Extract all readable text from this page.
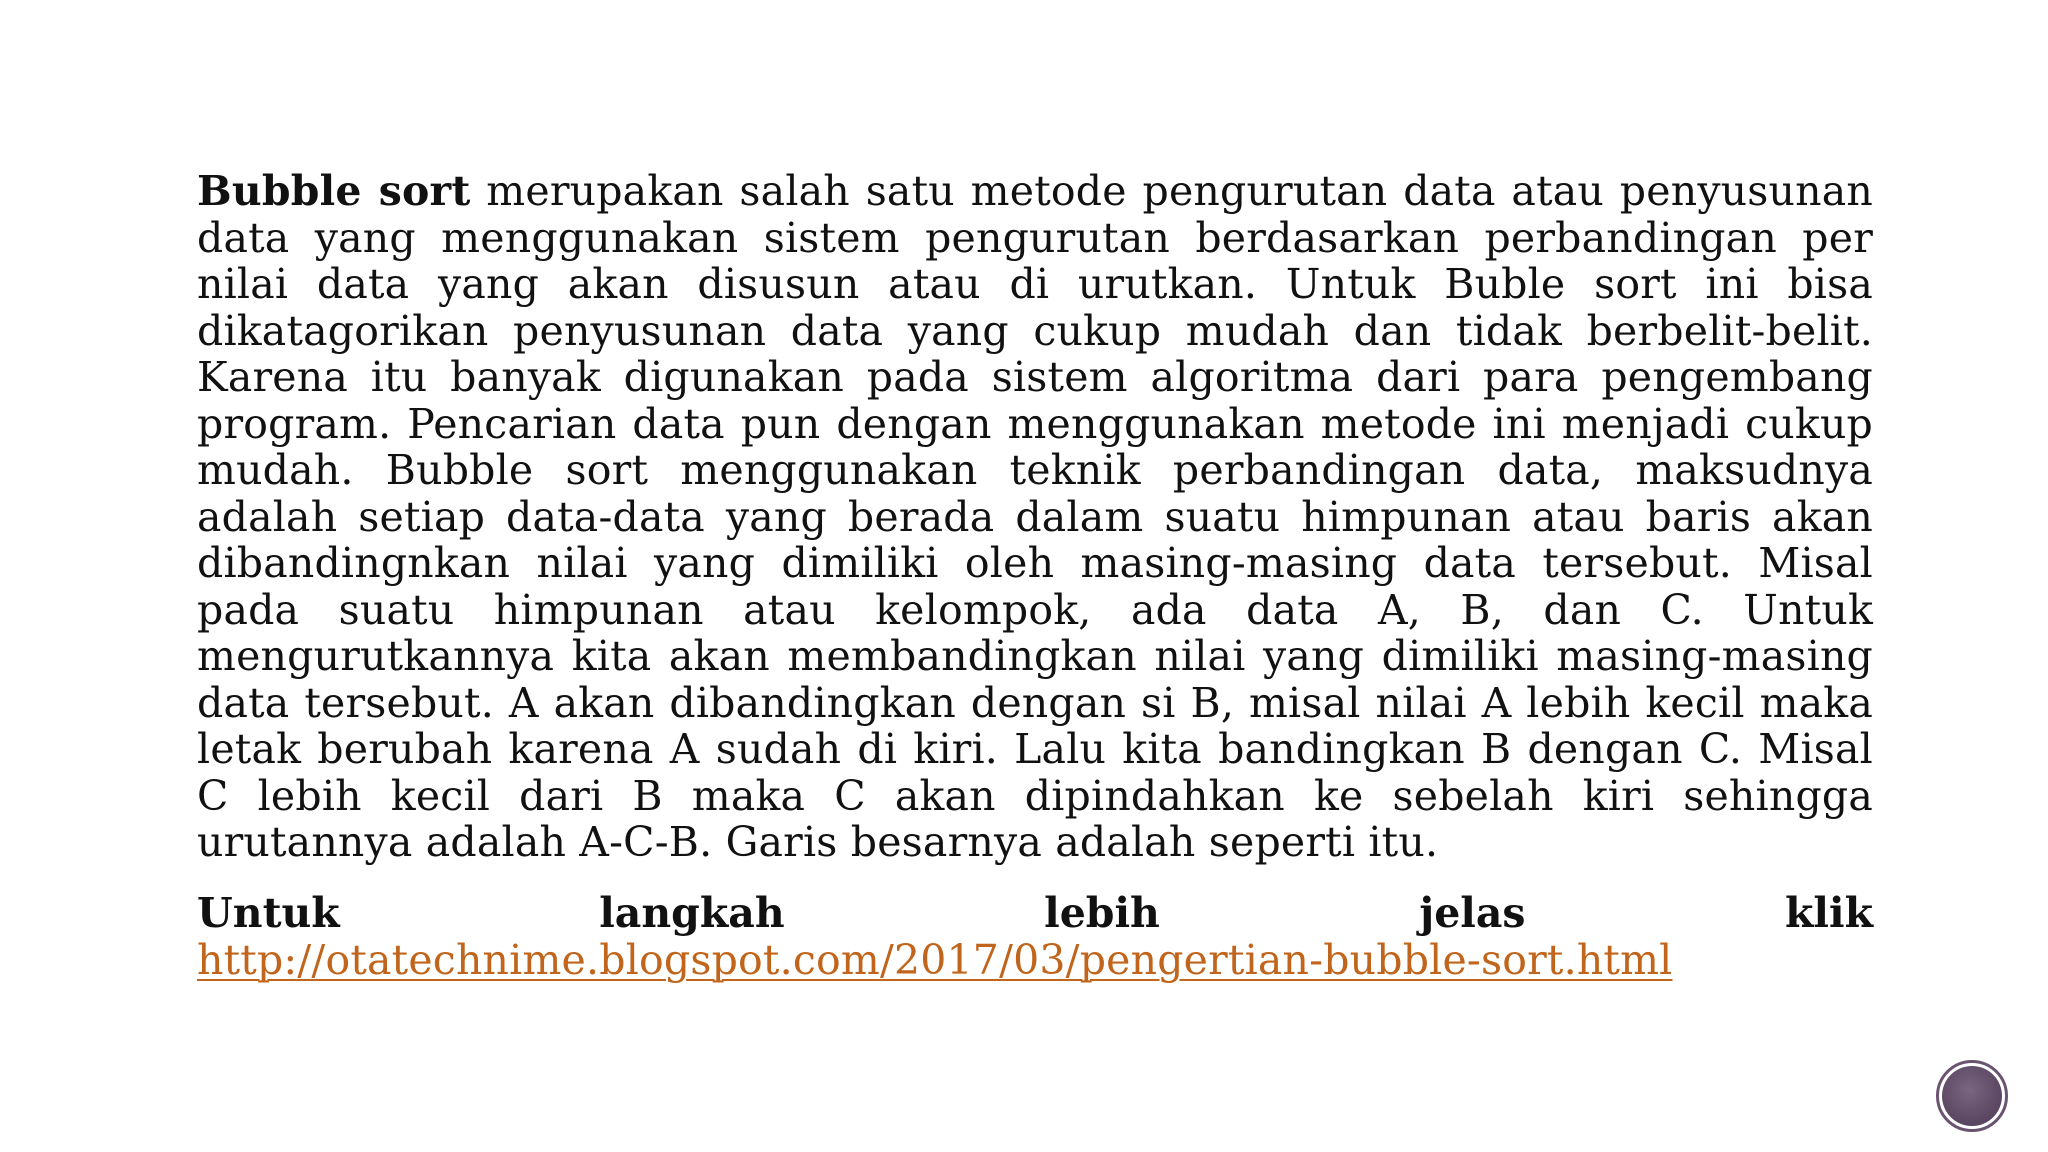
Bubble sort merupakan salah satu metode pengurutan data atau penyusunan data yang menggunakan sistem pengurutan berdasarkan perbandingan per nilai data yang akan disusun atau di urutkan. Untuk Buble sort ini bisa dikatagorikan penyusunan data yang cukup mudah dan tidak berbelit-belit. Karena itu banyak digunakan pada sistem algoritma dari para pengembang program. Pencarian data pun dengan menggunakan metode ini menjadi cukup mudah. Bubble sort menggunakan teknik perbandingan data, maksudnya adalah setiap data-data yang berada dalam suatu himpunan atau baris akan dibandingnkan nilai yang dimiliki oleh masing-masing data tersebut. Misal pada suatu himpunan atau kelompok, ada data A, B, dan C. Untuk mengurutkannya kita akan membandingkan nilai yang dimiliki masing-masing data tersebut. A akan dibandingkan dengan si B, misal nilai A lebih kecil maka letak berubah karena A sudah di kiri. Lalu kita bandingkan B dengan C. Misal C lebih kecil dari B maka C akan dipindahkan ke sebelah kiri sehingga urutannya adalah A-C-B. Garis besarnya adalah seperti itu.

Untuk	langkah	lebih	jelas	klik
http://otatechnime.blogspot.com/2017/03/pengertian-bubble-sort.html
